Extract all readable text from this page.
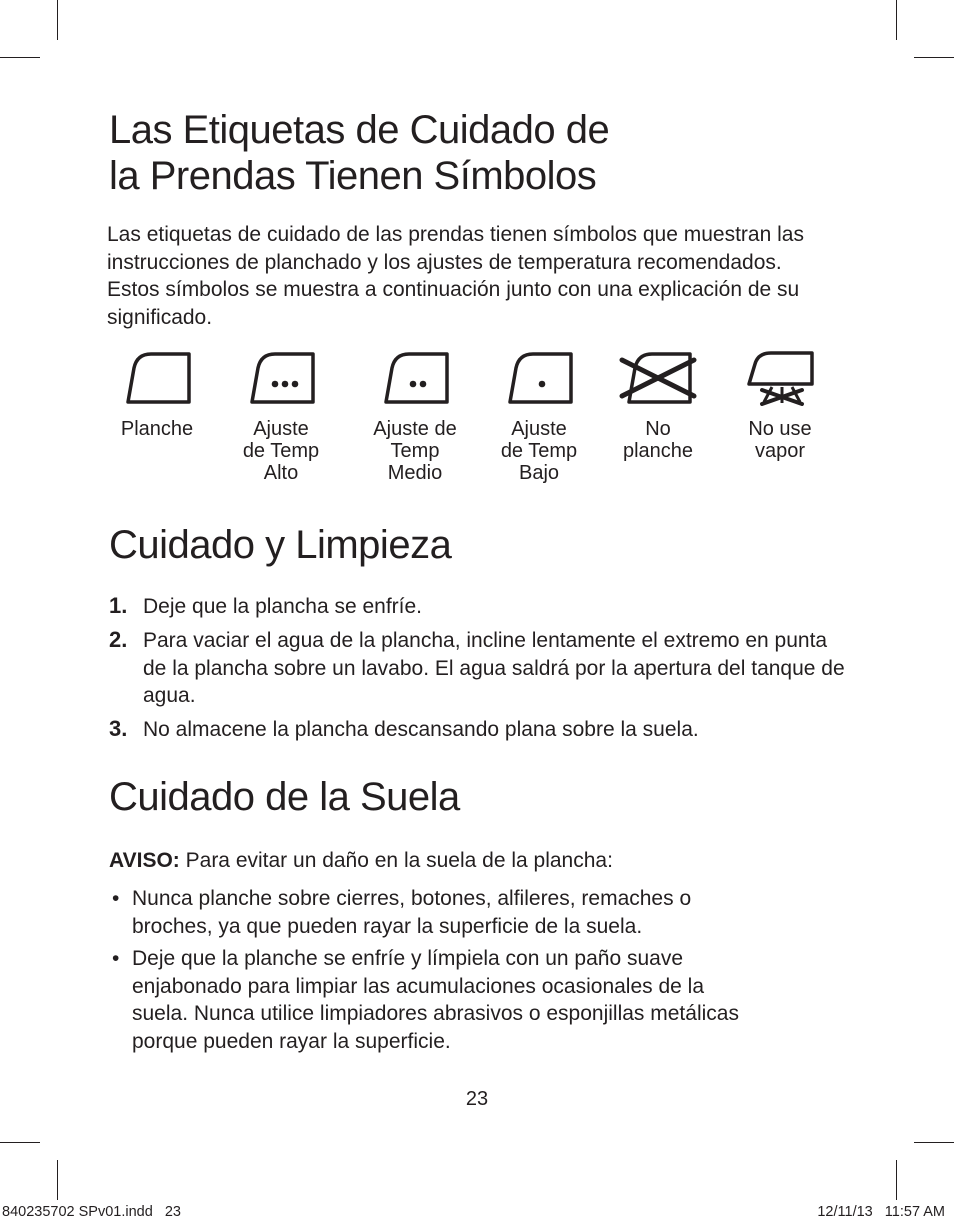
Las Etiquetas de Cuidado de
la Prendas Tienen Símbolos
Las etiquetas de cuidado de las prendas tienen símbolos que muestran las instrucciones de planchado y los ajustes de temperatura recomendados. Estos símbolos se muestra a continuación junto con una explicación de su significado.
Planche	Ajuste
de Temp
Alto
Ajuste de
Temp
Medio
Ajuste
de Temp
Bajo
No
planche
No use
vapor
Cuidado y Limpieza
1. Deje que la plancha se enfríe.
2. Para vaciar el agua de la plancha, incline lentamente el extremo en punta de la plancha sobre un lavabo. El agua saldrá por la apertura del tanque de agua.
3. No almacene la plancha descansando plana sobre la suela.
Cuidado de la Suela
AVISO: Para evitar un daño en la suela de la plancha:
• Nunca planche sobre cierres, botones, alfileres, remaches o broches, ya que pueden rayar la superficie de la suela.
• Deje que la planche se enfríe y límpiela con un paño suave enjabonado para limpiar las acumulaciones ocasionales de la suela. Nunca utilice limpiadores abrasivos o esponjillas metálicas porque pueden rayar la superficie.
23
840235702 SPv01.indd   23	12/11/13   11:57 AM
